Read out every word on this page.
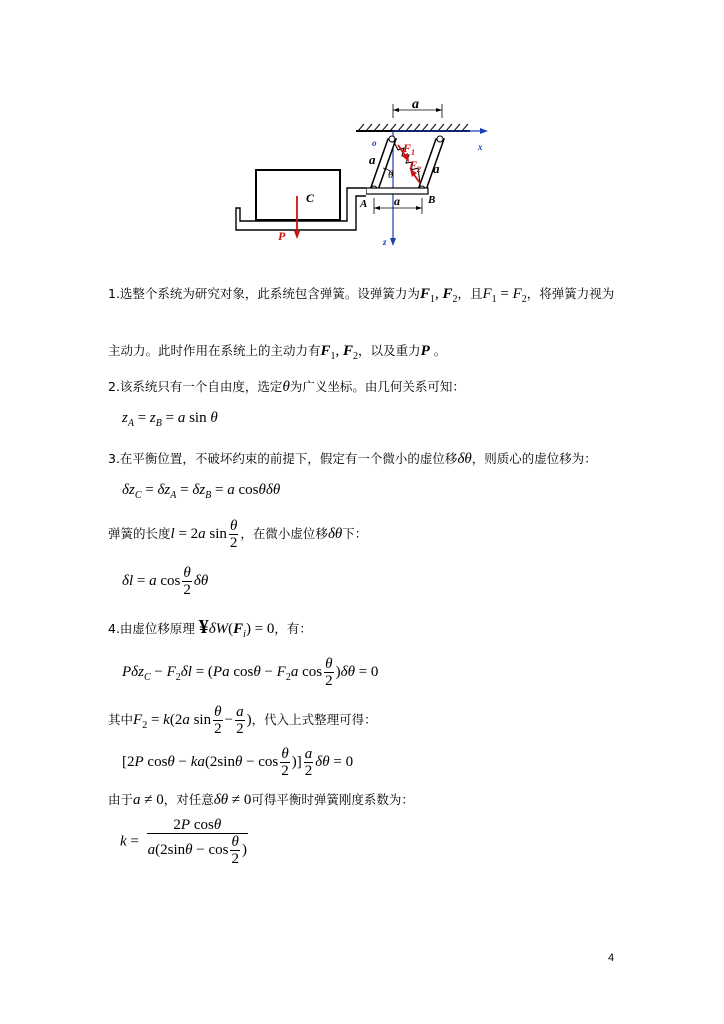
a
x
z
o
a
a
θ
$F_1$
$F_2$
A	B
a
C
P
1.选整个系统为研究对象，此系统包含弹簧。设弹簧力为$F_1$, $F_2$，且$F_1 = F_2$，将弹簧力视为
主动力。此时作用在系统上的主动力有$F_1$, $F_2$，以及重力P 。
2.该系统只有一个自由度，选定θ为广义坐标。由几何关系可知：
$z_A = z_B = a$ sin θ
3.在平衡位置，不破坏约束的前提下，假定有一个微小的虚位移δθ，则质心的虚位移为：
$\delta z_C = \delta z_A = \delta z_B = a$ cosθδθ
弹簧的长度l = 2a $\sin \frac{\theta}{2}$ ，在微小虚位移δθ下：
δl = a $\cos \frac{\theta}{2}$ δθ
4.由虚位移原理 $¥\delta W(F_i) = 0$，有：
$P\delta z_C - F_2\delta l = (Pa$ $\cos\theta - F_2a$ $\cos \frac{\theta}{2} )\delta\theta = 0$
其中$F_2 = k(2a$ $\sin \frac{\theta}{2} - \frac{a}{2}$ )，代入上式整理可得：
[2P $\cos\theta - ka(2\sin\theta - \cos \frac{\theta}{2}$ )] $\frac{a}{2}$ δθ = 0
由于a ≠ 0，对任意δθ ≠ 0可得平衡时弹簧刚度系数为：
$k = \frac{\text{2P cosθ}}{a(2\sin\theta - \cos \frac{\theta}{2} )}$
4
